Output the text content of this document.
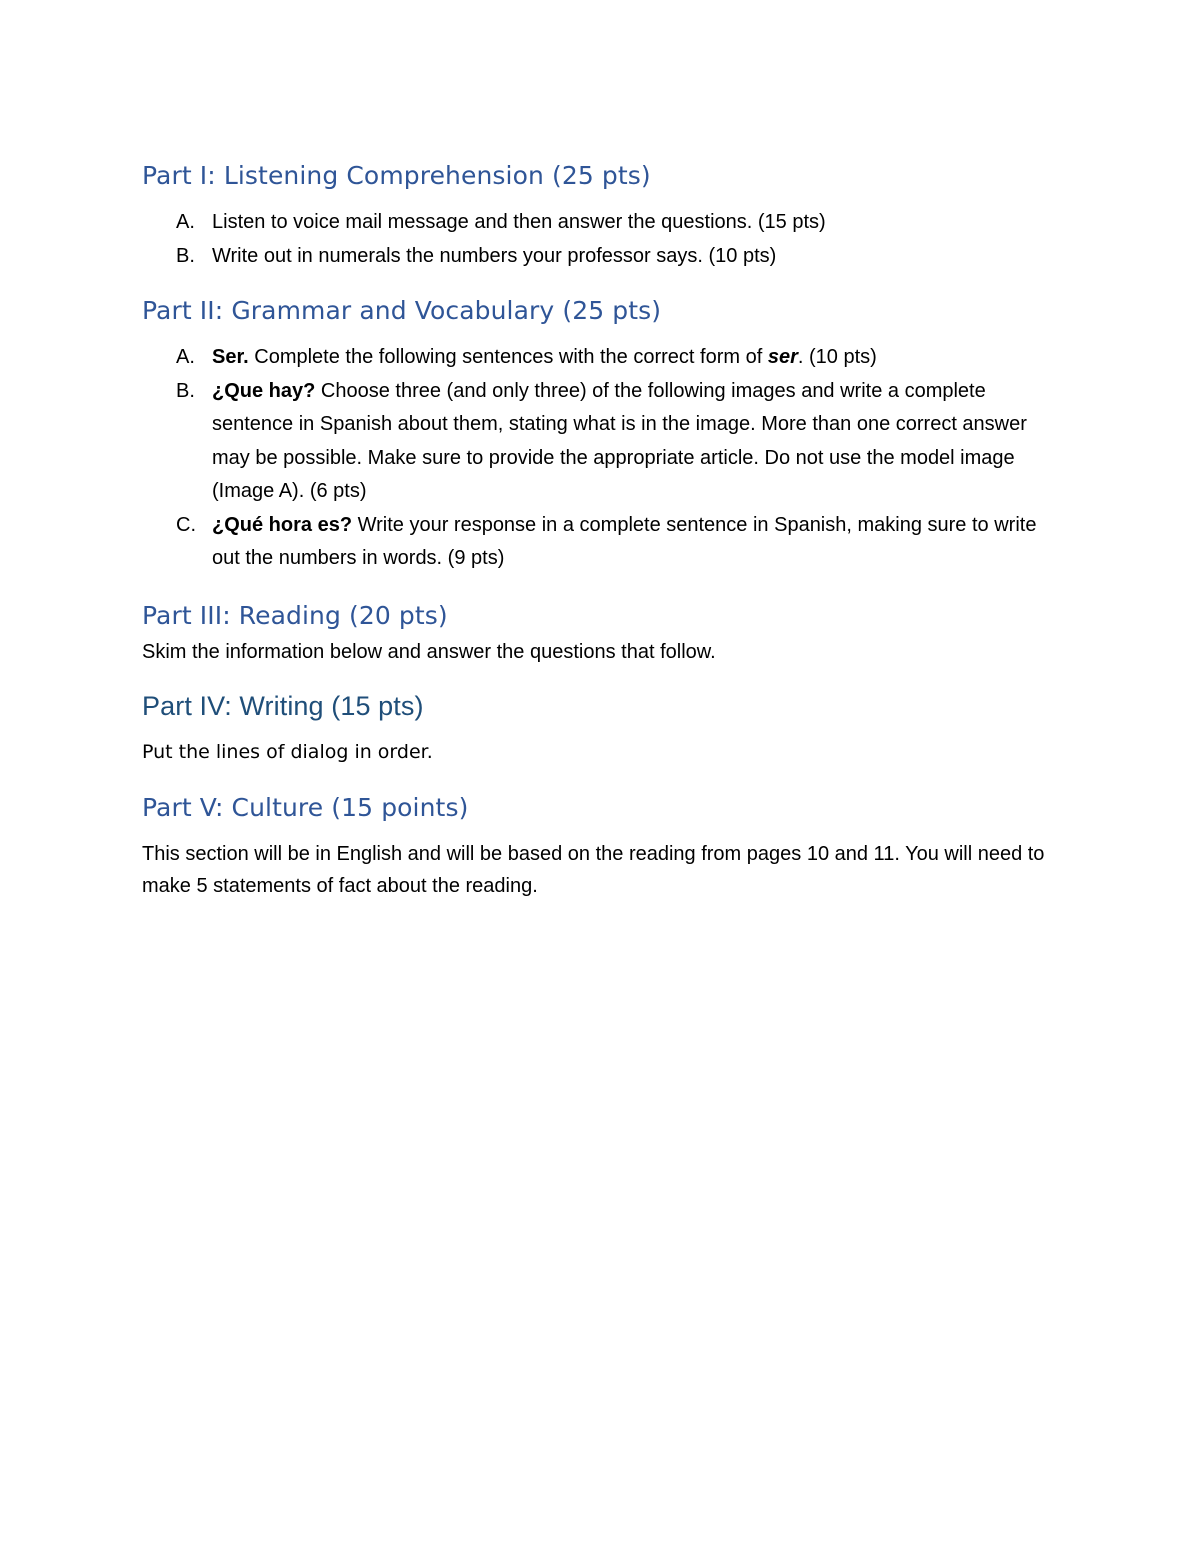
Part I: Listening Comprehension (25 pts)
A. Listen to voice mail message and then answer the questions. (15 pts)
B. Write out in numerals the numbers your professor says. (10 pts)
Part II: Grammar and Vocabulary (25 pts)
A. Ser. Complete the following sentences with the correct form of ser. (10 pts)
B. ¿Que hay? Choose three (and only three) of the following images and write a complete sentence in Spanish about them, stating what is in the image. More than one correct answer may be possible. Make sure to provide the appropriate article. Do not use the model image (Image A). (6 pts)
C. ¿Qué hora es? Write your response in a complete sentence in Spanish, making sure to write out the numbers in words. (9 pts)
Part III: Reading (20 pts)

Skim the information below and answer the questions that follow.

Part IV: Writing (15 pts)

Put the lines of dialog in order.

Part V: Culture (15 points)

This section will be in English and will be based on the reading from pages 10 and 11. You will need to make 5 statements of fact about the reading.
